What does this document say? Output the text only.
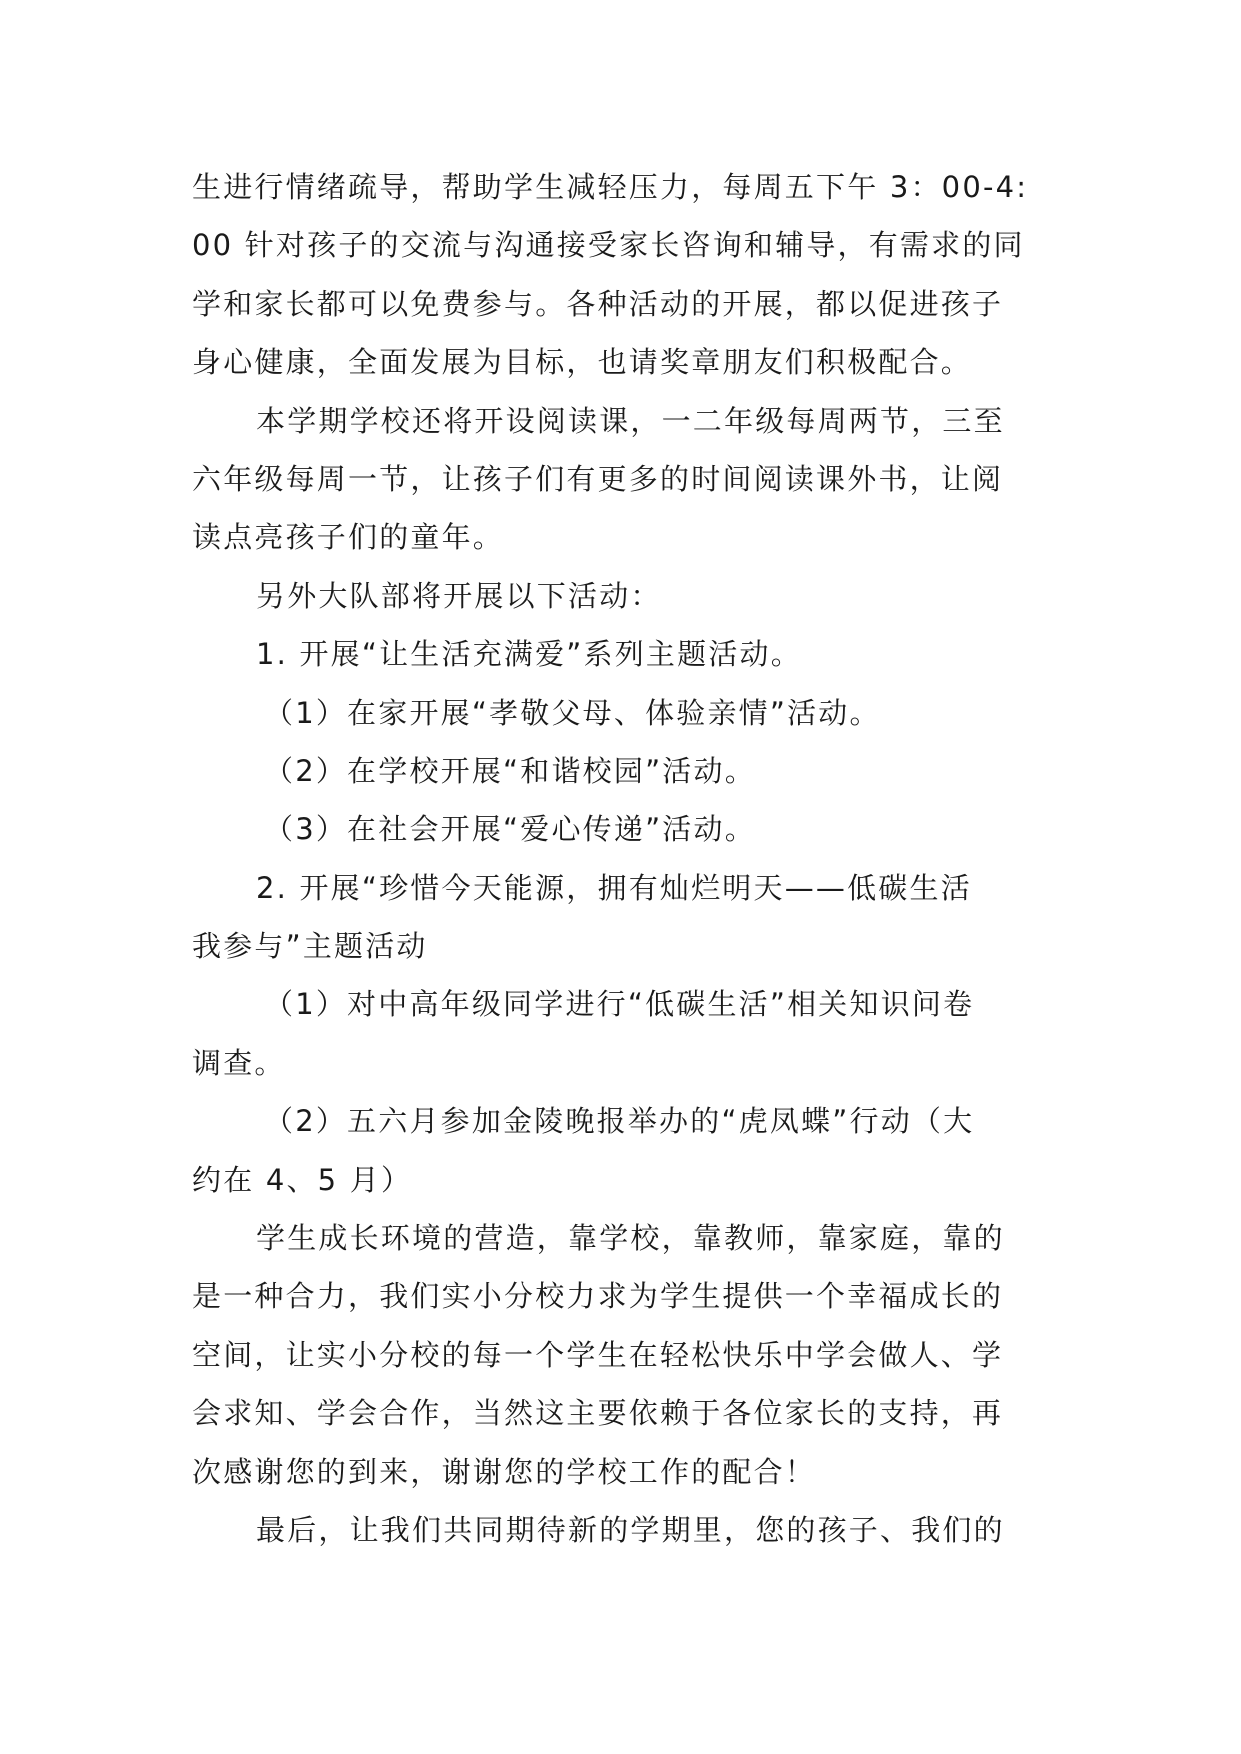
生进行情绪疏导，帮助学生减轻压力，每周五下午 3：00-4:
00 针对孩子的交流与沟通接受家长咨询和辅导，有需求的同
学和家长都可以免费参与。各种活动的开展，都以促进孩子
身心健康，全面发展为目标，也请奖章朋友们积极配合。
本学期学校还将开设阅读课，一二年级每周两节，三至
六年级每周一节，让孩子们有更多的时间阅读课外书，让阅
读点亮孩子们的童年。
另外大队部将开展以下活动：
1. 开展“让生活充满爱”系列主题活动。
（1）在家开展“孝敬父母、体验亲情”活动。
（2）在学校开展“和谐校园”活动。
（3）在社会开展“爱心传递”活动。
2. 开展“珍惜今天能源，拥有灿烂明天——低碳生活
我参与”主题活动
（1）对中高年级同学进行“低碳生活”相关知识问卷
调查。
（2）五六月参加金陵晚报举办的“虎凤蝶”行动（大
约在 4、5 月）
学生成长环境的营造，靠学校，靠教师，靠家庭，靠的
是一种合力，我们实小分校力求为学生提供一个幸福成长的
空间，让实小分校的每一个学生在轻松快乐中学会做人、学
会求知、学会合作，当然这主要依赖于各位家长的支持，再
次感谢您的到来，谢谢您的学校工作的配合！
最后，让我们共同期待新的学期里，您的孩子、我们的
